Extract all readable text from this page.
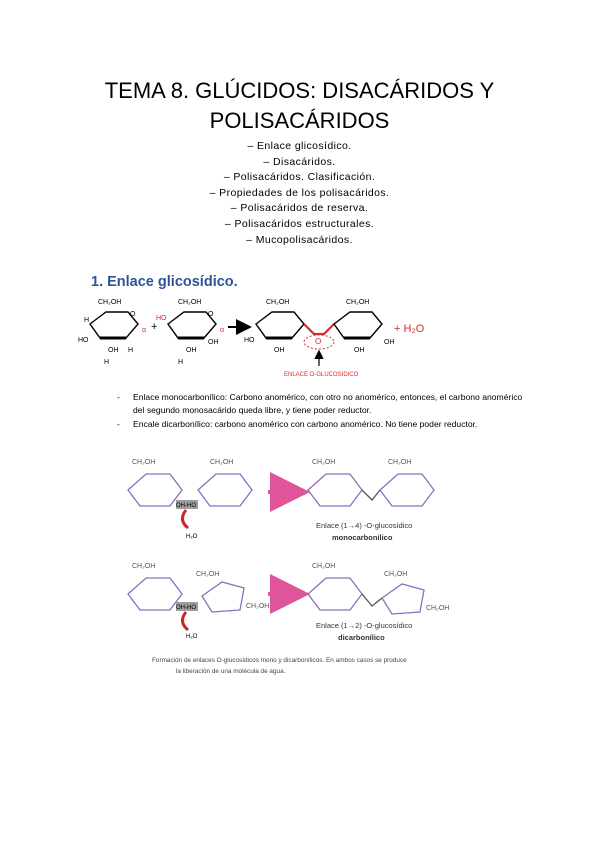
TEMA 8. GLÚCIDOS: DISACÁRIDOS Y
POLISACÁRIDOS
– Enlace glicosídico.
– Disacáridos.
– Polisacáridos. Clasificación.
– Propiedades de los polisacáridos.
– Polisacáridos de reserva.
– Polisacáridos estructurales.
– Mucopolisacáridos.
1. Enlace glicosídico.
CH₂OH
O
H
HO
OH
H
H
α +
CH₂OH
O
HO
OH
OH
H
α
CH₂OH
HO
OH
O
CH₂OH
OH
OH
+ H₂O
ENLACE O-GLUCOSIDICO
- Enlace monocarbonílico: Carbono anomérico, con otro no anomérico, entonces, el carbono anomérico del segundo monosacárido queda libre, y tiene poder reductor.
- Encale dicarbonílico: carbono anomérico con carbono anomérico. No tiene poder reductor.
CH₂OH	CH₂OH
OH-HO
H₂O
CH₂OH	CH₂OH
Enlace (1→4) -O-glucosídico
monocarbonílico
CH₂OH
CH₂OH
CH₂OH
OH-HO
H₂O
CH₂OH
CH₂OH
CH₂OH
Enlace (1→2) -O-glucosídico
dicarbonílico
Formación de enlaces O-glucosídicos mono y dicarbonílicos. En ambos casos se produce
la liberación de una molécula de agua.
